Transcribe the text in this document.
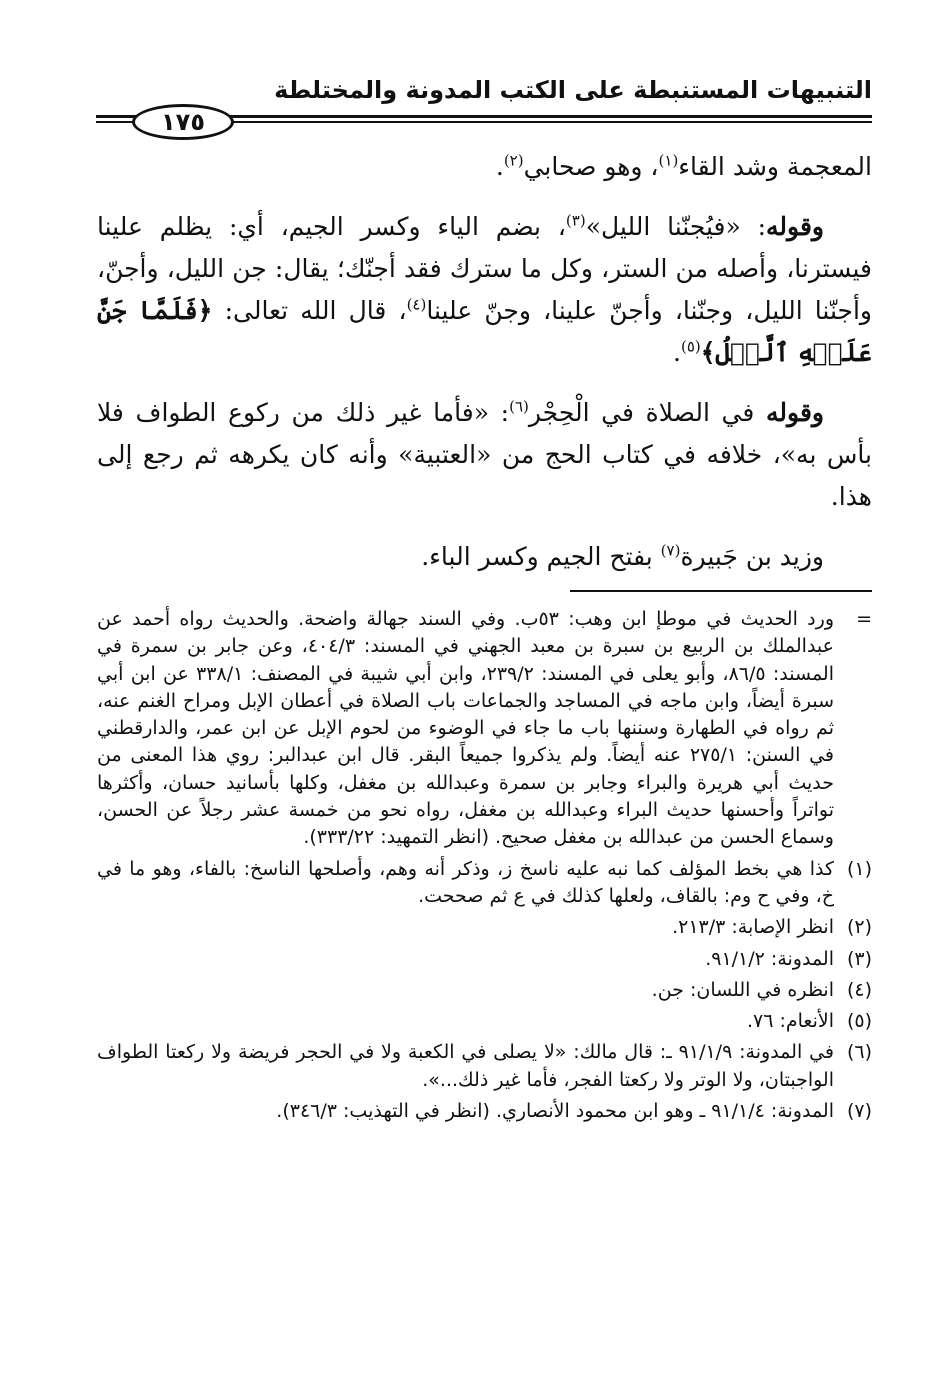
التنبيهات المستنبطة على الكتب المدونة والمختلطة
١٧٥

المعجمة وشد القاء$^{(١)}$، وهو صحابي$^{(٢)}$.

وقوله: «فيُجنّنا الليل»$^{(٣)}$، بضم الياء وكسر الجيم، أي: يظلم علينا فيسترنا، وأصله من الستر، وكل ما سترك فقد أجنّك؛ يقال: جن الليل، وأجنّ، وأجنّنا الليل، وجنّنا، وأجنّ علينا، وجنّ علينا$^{(٤)}$، قال الله تعالى: ﴿فَلَمَّا جَنَّ عَلَيۡهِ ٱلَّيۡلُ﴾$^{(٥)}$.

وقوله في الصلاة في الْحِجْر$^{(٦)}$: «فأما غير ذلك من ركوع الطواف فلا بأس به»، خلافه في كتاب الحج من «العتبية» وأنه كان يكرهه ثم رجع إلى هذا.

وزيد بن جَبيرة$^{(٧)}$ بفتح الجيم وكسر الباء.

=
ورد الحديث في موطإ ابن وهب: ٥٣ب. وفي السند جهالة واضحة. والحديث رواه أحمد عن عبدالملك بن الربيع بن سبرة بن معبد الجهني في المسند: ٤٠٤/٣، وعن جابر بن سمرة في المسند: ٨٦/٥، وأبو يعلى في المسند: ٢٣٩/٢، وابن أبي شيبة في المصنف: ٣٣٨/١ عن ابن أبي سبرة أيضاً، وابن ماجه في المساجد والجماعات باب الصلاة في أعطان الإبل ومراح الغنم عنه، ثم رواه في الطهارة وسننها باب ما جاء في الوضوء من لحوم الإبل عن ابن عمر، والدارقطني في السنن: ٢٧٥/١ عنه أيضاً. ولم يذكروا جميعاً البقر. قال ابن عبدالبر: روي هذا المعنى من حديث أبي هريرة والبراء وجابر بن سمرة وعبدالله بن مغفل، وكلها بأسانيد حسان، وأكثرها تواتراً وأحسنها حديث البراء وعبدالله بن مغفل، رواه نحو من خمسة عشر رجلاً عن الحسن، وسماع الحسن من عبدالله بن مغفل صحيح. (انظر التمهيد: ٣٣٣/٢٢).
(١)
كذا هي بخط المؤلف كما نبه عليه ناسخ ز، وذكر أنه وهم، وأصلحها الناسخ: بالفاء، وهو ما في خ، وفي ح وم: بالقاف، ولعلها كذلك في ع ثم صححت.
(٢)
انظر الإصابة: ٢١٣/٣.
(٣)
المدونة: ٩١/١/٢.
(٤)
انظره في اللسان: جن.
(٥)
الأنعام: ٧٦.
(٦)
في المدونة: ٩١/١/٩ ـ: قال مالك: «لا يصلى في الكعبة ولا في الحجر فريضة ولا ركعتا الطواف الواجبتان، ولا الوتر ولا ركعتا الفجر، فأما غير ذلك...».
(٧)
المدونة: ٩١/١/٤ ـ وهو ابن محمود الأنصاري. (انظر في التهذيب: ٣٤٦/٣).
